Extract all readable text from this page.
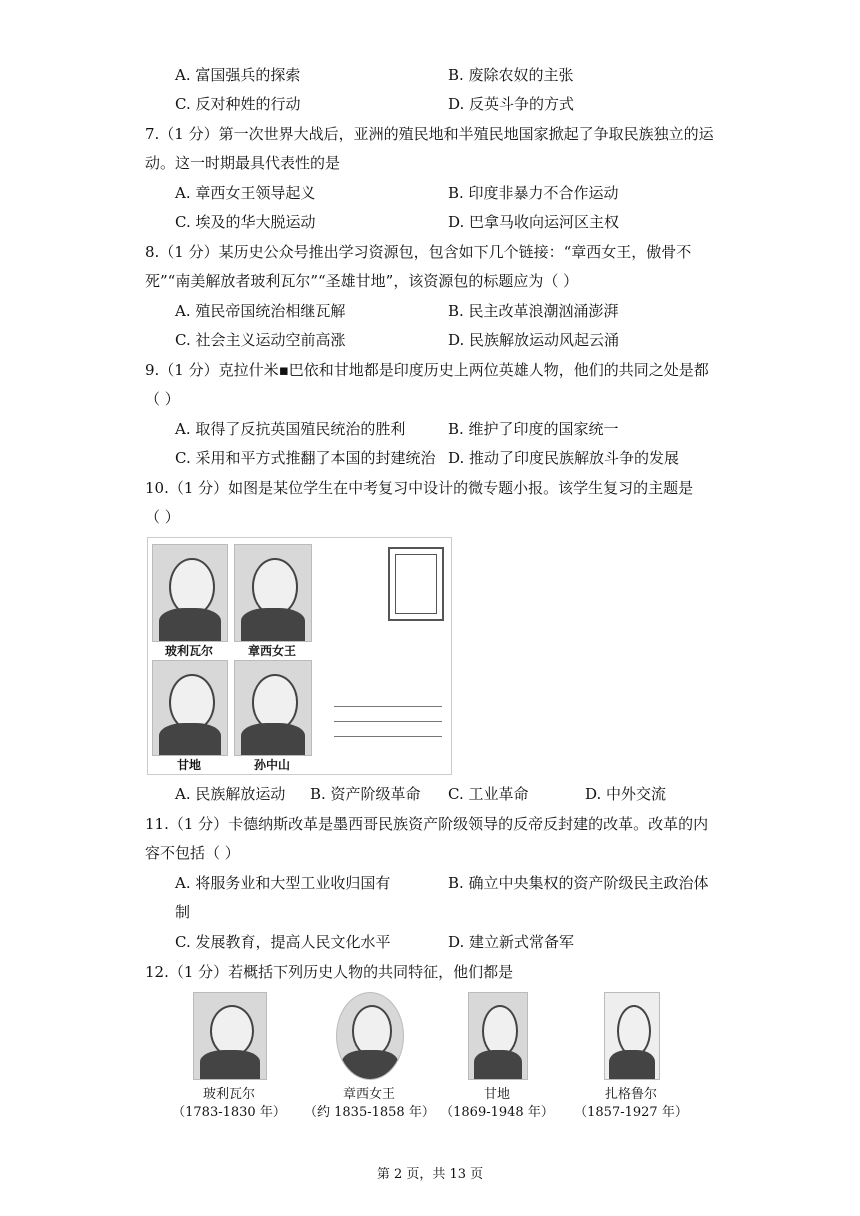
A. 富国强兵的探索	B. 废除农奴的主张
C. 反对种姓的行动	D. 反英斗争的方式
7.（1 分）第一次世界大战后，亚洲的殖民地和半殖民地国家掀起了争取民族独立的运
动。这一时期最具代表性的是
A. 章西女王领导起义	B. 印度非暴力不合作运动
C. 埃及的华大脱运动	D. 巴拿马收向运河区主权
8.（1 分）某历史公众号推出学习资源包，包含如下几个链接：“章西女王，傲骨不
死”“南美解放者玻利瓦尔”“圣雄甘地”，该资源包的标题应为（ ）
A. 殖民帝国统治相继瓦解	B. 民主改革浪潮汹涌澎湃
C. 社会主义运动空前高涨	D. 民族解放运动风起云涌
9.（1 分）克拉什米▪巴依和甘地都是印度历史上两位英雄人物，他们的共同之处是都
（ ）
A. 取得了反抗英国殖民统治的胜利	B. 维护了印度的国家统一
C. 采用和平方式推翻了本国的封建统治 D. 推动了印度民族解放斗争的发展
10.（1 分）如图是某位学生在中考复习中设计的微专题小报。该学生复习的主题是
（ ）
玻利瓦尔	章西女王
甘地	孙中山
A. 民族解放运动 B. 资产阶级革命 C. 工业革命	D. 中外交流
11.（1 分）卡德纳斯改革是墨西哥民族资产阶级领导的反帝反封建的改革。改革的内
容不包括（ ）
A. 将服务业和大型工业收归国有	B. 确立中央集权的资产阶级民主政治体
制
C. 发展教育，提高人民文化水平	D. 建立新式常备军
12.（1 分）若概括下列历史人物的共同特征，他们都是
玻利瓦尔
（1783-1830 年）
章西女王
（约 1835-1858 年）
甘地
（1869-1948 年）
扎格鲁尔
（1857-1927 年）
第 2 页，共 13 页
